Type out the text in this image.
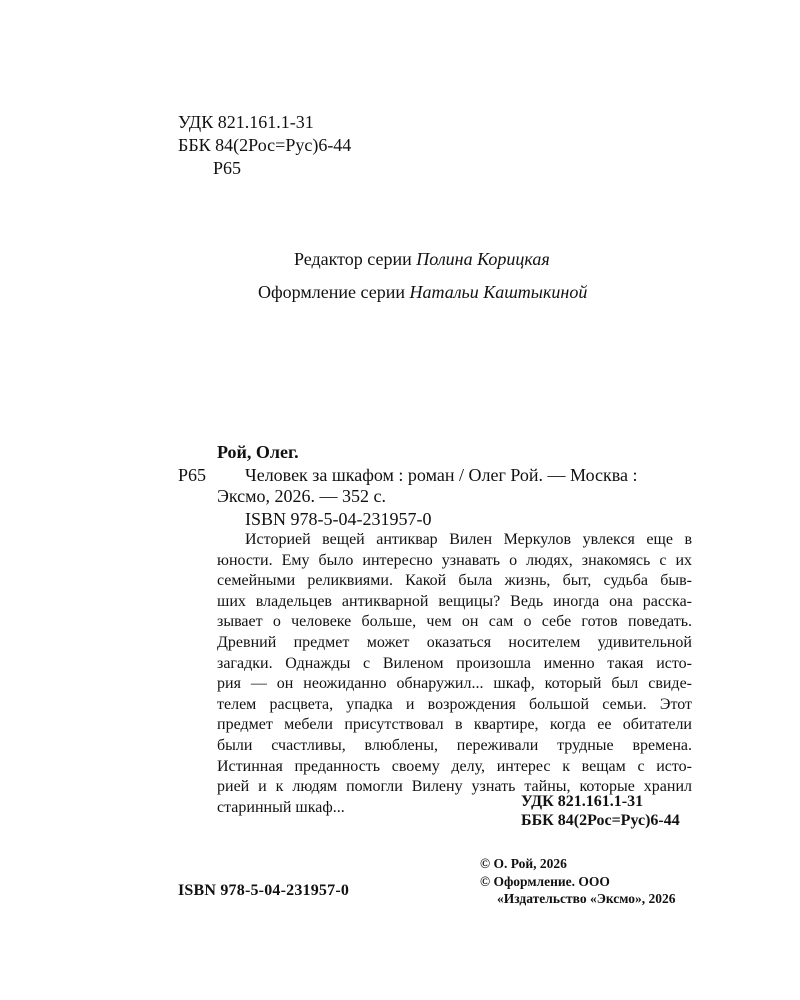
УДК 821.161.1-31
ББК 84(2Рос=Рус)6-44
Р65
Редактор серии Полина Корицкая
Оформление серии Натальи Каштыкиной
Рой, Олег.
Р65 Человек за шкафом : роман / Олег Рой. — Москва :
Эксмо, 2026. — 352 с.
ISBN 978-5-04-231957-0
Историей вещей антиквар Вилен Меркулов увлекся еще в
юности. Ему было интересно узнавать о людях, знакомясь с их
семейными реликвиями. Какой была жизнь, быт, судьба быв-
ших владельцев антикварной вещицы? Ведь иногда она расска-
зывает о человеке больше, чем он сам о себе готов поведать.
Древний предмет может оказаться носителем удивительной
загадки. Однажды с Виленом произошла именно такая исто-
рия — он неожиданно обнаружил... шкаф, который был свиде-
телем расцвета, упадка и возрождения большой семьи. Этот
предмет мебели присутствовал в квартире, когда ее обитатели
были счастливы, влюблены, переживали трудные времена.
Истинная преданность своему делу, интерес к вещам с исто-
рией и к людям помогли Вилену узнать тайны, которые хранил
старинный шкаф...	УДК 821.161.1-31
ББК 84(2Рос=Рус)6-44
© О. Рой, 2026
© Оформление. ООО
«Издательство «Эксмо», 2026
ISBN 978-5-04-231957-0
